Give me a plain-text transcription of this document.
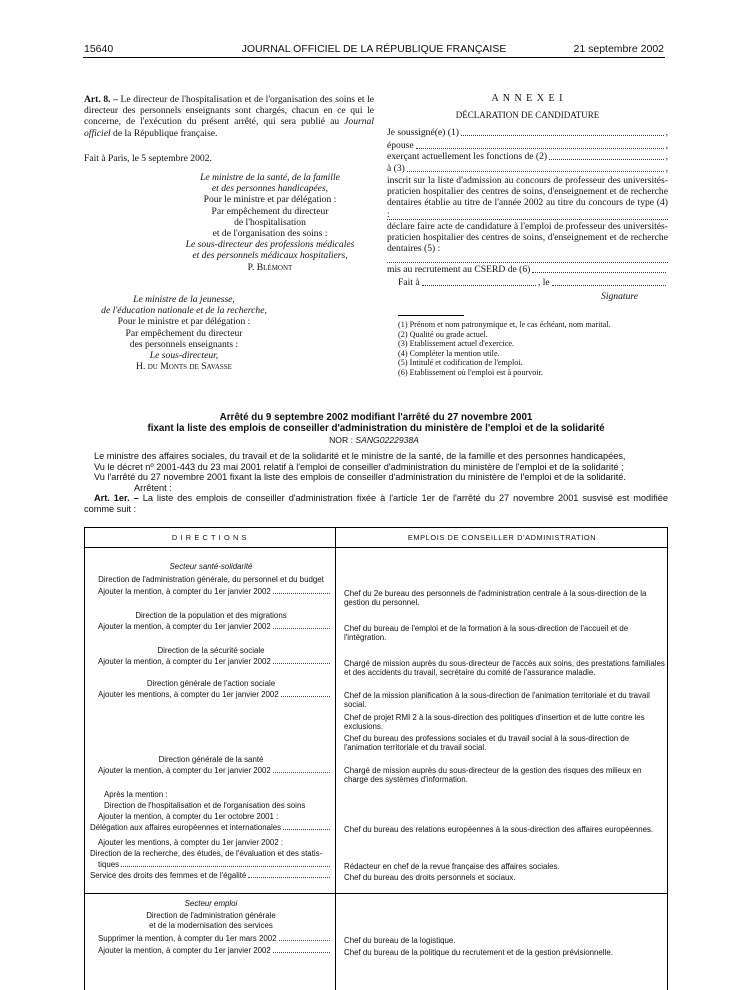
15640	JOURNAL OFFICIEL DE LA RÉPUBLIQUE FRANÇAISE	21 septembre 2002

Art. 8. – Le directeur de l'hospitalisation et de l'organisation des soins et le directeur des personnels enseignants sont chargés, chacun en ce qui le concerne, de l'exécution du présent arrêté, qui sera publié au Journal officiel de la République française.

Fait à Paris, le 5 septembre 2002.
Le ministre de la santé, de la famille
et des personnes handicapées,
Pour le ministre et par délégation :
Par empêchement du directeur
de l'hospitalisation
et de l'organisation des soins :
Le sous-directeur des professions médicales
et des personnels médicaux hospitaliers,
P. Blémont
Le ministre de la jeunesse,
de l'éducation nationale et de la recherche,
Pour le ministre et par délégation :
Par empêchement du directeur
des personnels enseignants :
Le sous-directeur,
H. du Monts de Savasse
A N N E X E I
DÉCLARATION DE CANDIDATURE
Je soussigné(e) (1)	,
épouse	,
exerçant actuellement les fonctions de (2)	,
à (3)	,
inscrit sur la liste d'admission au concours de professeur des universités-praticien hospitalier des centres de soins, d'enseignement et de recherche dentaires établie au titre de l'année 2002 au titre du concours de type (4) :
déclare faire acte de candidature à l'emploi de professeur des universités-praticien hospitalier des centres de soins, d'enseignement et de recherche dentaires (5) :
mis au recrutement au CSERD de (6)
Fait à	, le
Signature
(1) Prénom et nom patronymique et, le cas échéant, nom marital.
(2) Qualité ou grade actuel.
(3) Etablissement actuel d'exercice.
(4) Compléter la mention utile.
(5) Intitulé et codification de l'emploi.
(6) Etablissement où l'emploi est à pourvoir.
Arrêté du 9 septembre 2002 modifiant l'arrêté du 27 novembre 2001
fixant la liste des emplois de conseiller d'administration du ministère de l'emploi et de la solidarité
NOR : SANG0222938A

Le ministre des affaires sociales, du travail et de la solidarité et le ministre de la santé, de la famille et des personnes handicapées,

Vu le décret nº 2001-443 du 23 mai 2001 relatif à l'emploi de conseiller d'administration du ministère de l'emploi et de la solidarité ;

Vu l'arrêté du 27 novembre 2001 fixant la liste des emplois de conseiller d'administration du ministère de l'emploi et de la solidarité.

Arrêtent :

Art. 1er. – La liste des emplois de conseiller d'administration fixée à l'article 1er de l'arrêté du 27 novembre 2001 susvisé est modifiée comme suit :

D I R E C T I O N S	EMPLOIS DE CONSEILLER D'ADMINISTRATION
Secteur santé-solidarité
Direction de l'administration générale, du personnel et du budget
Ajouter la mention, à compter du 1er janvier 2002	Chef du 2e bureau des personnels de l'administration centrale à la sous-direction de la gestion du personnel.
Direction de la population et des migrations
Ajouter la mention, à compter du 1er janvier 2002	Chef du bureau de l'emploi et de la formation à la sous-direction de l'accueil et de l'intégration.
Direction de la sécurité sociale
Ajouter la mention, à compter du 1er janvier 2002	Chargé de mission auprès du sous-directeur de l'accès aux soins, des prestations familiales et des accidents du travail, secrétaire du comité de l'assurance maladie.
Direction générale de l'action sociale
Ajouter les mentions, à compter du 1er janvier 2002	Chef de la mission planification à la sous-direction de l'animation territoriale et du travail social.
Chef de projet RMI 2 à la sous-direction des politiques d'insertion et de lutte contre les exclusions.
Chef du bureau des professions sociales et du travail social à la sous-direction de l'animation territoriale et du travail social.
Direction générale de la santé
Ajouter la mention, à compter du 1er janvier 2002	Chargé de mission auprès du sous-directeur de la gestion des risques des milieux en charge des systèmes d'information.
Après la mention :
Direction de l'hospitalisation et de l'organisation des soins
Ajouter la mention, à compter du 1er octobre 2001 :
Délégation aux affaires européennes et internationales	Chef du bureau des relations européennes à la sous-direction des affaires européennes.
Ajouter les mentions, à compter du 1er janvier 2002 :
Direction de la recherche, des études, de l'évaluation et des statis-
tiques	Rédacteur en chef de la revue française des affaires sociales.
Service des droits des femmes et de l'égalité	Chef du bureau des droits personnels et sociaux.
Secteur emploi
Direction de l'administration générale
et de la modernisation des services
Supprimer la mention, à compter du 1er mars 2002	Chef du bureau de la logistique.
Ajouter la mention, à compter du 1er janvier 2002	Chef du bureau de la politique du recrutement et de la gestion prévisionnelle.
